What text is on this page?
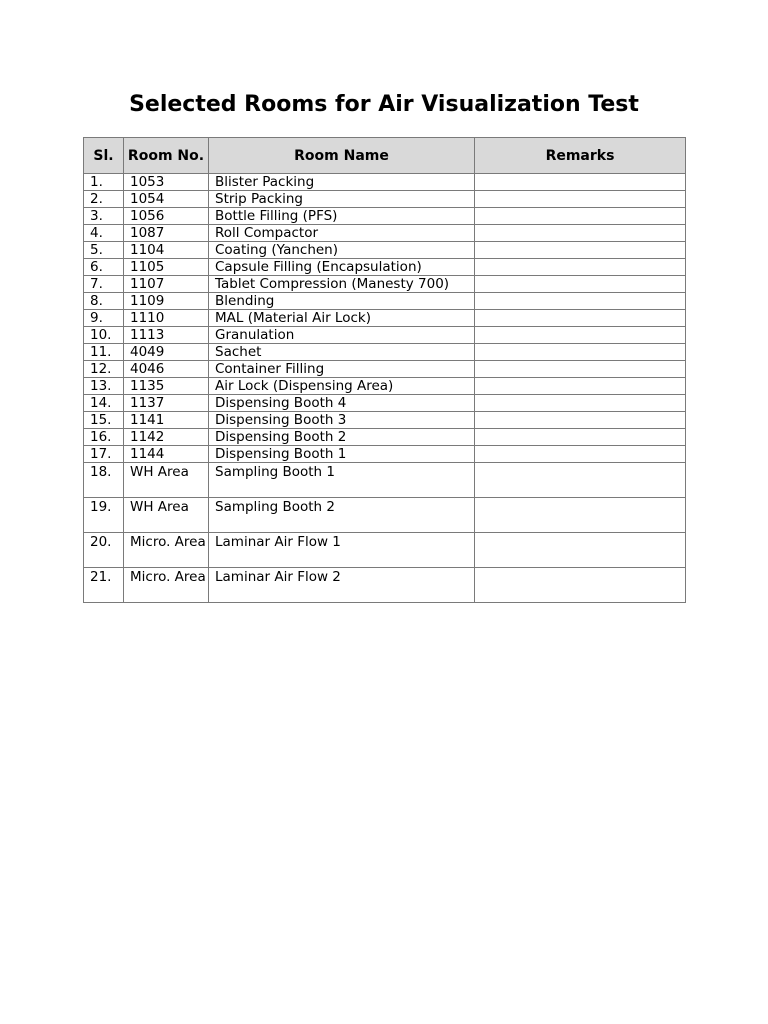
Selected Rooms for Air Visualization Test
Sl.	Room No.	Room Name	Remarks
1.	1053	Blister Packing	
2.	1054	Strip Packing	
3.	1056	Bottle Filling (PFS)	
4.	1087	Roll Compactor	
5.	1104	Coating (Yanchen)	
6.	1105	Capsule Filling (Encapsulation)	
7.	1107	Tablet Compression (Manesty 700)	
8.	1109	Blending	
9.	1110	MAL (Material Air Lock)	
10.	1113	Granulation	
11.	4049	Sachet	
12.	4046	Container Filling	
13.	1135	Air Lock (Dispensing Area)	
14.	1137	Dispensing Booth 4	
15.	1141	Dispensing Booth 3	
16.	1142	Dispensing Booth 2	
17.	1144	Dispensing Booth 1	
18.	WH Area	Sampling Booth 1	
19.	WH Area	Sampling Booth 2	
20.	Micro. Area	Laminar Air Flow 1	
21.	Micro. Area	Laminar Air Flow 2	
